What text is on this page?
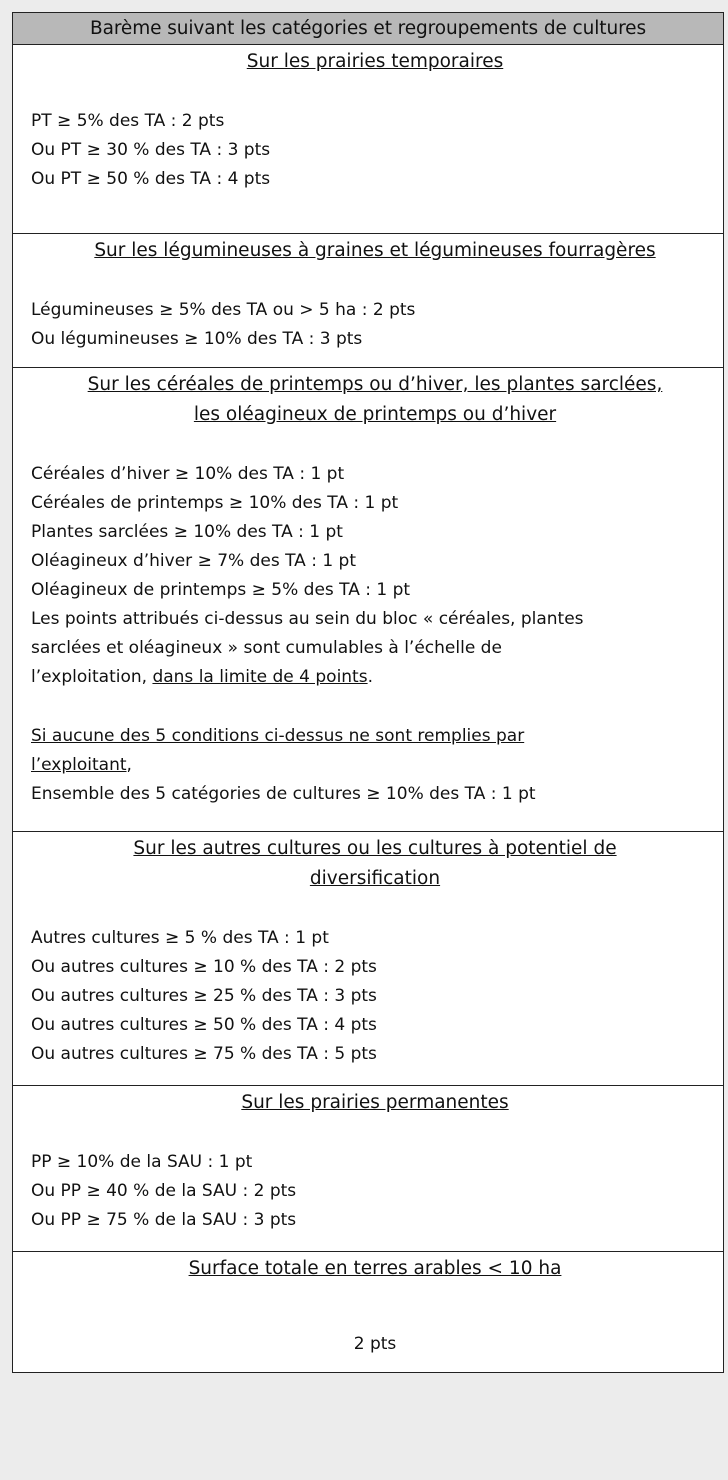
Barème suivant les catégories et regroupements de cultures
Sur les prairies temporaires
PT ≥ 5% des TA : 2 pts
Ou PT ≥ 30 % des TA : 3 pts
Ou PT ≥ 50 % des TA : 4 pts
Sur les légumineuses à graines et légumineuses fourragères
Légumineuses ≥ 5% des TA ou > 5 ha : 2 pts
Ou légumineuses ≥ 10% des TA : 3 pts
Sur les céréales de printemps ou d’hiver, les plantes sarclées,
les oléagineux de printemps ou d’hiver
Céréales d’hiver ≥ 10% des TA : 1 pt
Céréales de printemps ≥ 10% des TA : 1 pt
Plantes sarclées ≥ 10% des TA : 1 pt
Oléagineux d’hiver ≥ 7% des TA : 1 pt
Oléagineux de printemps ≥ 5% des TA : 1 pt
Les points attribués ci-dessus au sein du bloc « céréales, plantes
sarclées et oléagineux » sont cumulables à l’échelle de
l’exploitation, dans la limite de 4 points.
Si aucune des 5 conditions ci-dessus ne sont remplies par
l’exploitant,
Ensemble des 5 catégories de cultures ≥ 10% des TA : 1 pt
Sur les autres cultures ou les cultures à potentiel de
diversification
Autres cultures ≥ 5 % des TA : 1 pt
Ou autres cultures ≥ 10 % des TA : 2 pts
Ou autres cultures ≥ 25 % des TA : 3 pts
Ou autres cultures ≥ 50 % des TA : 4 pts
Ou autres cultures ≥ 75 % des TA : 5 pts
Sur les prairies permanentes
PP ≥ 10% de la SAU : 1 pt
Ou PP ≥ 40 % de la SAU : 2 pts
Ou PP ≥ 75 % de la SAU : 3 pts
Surface totale en terres arables < 10 ha
2 pts
